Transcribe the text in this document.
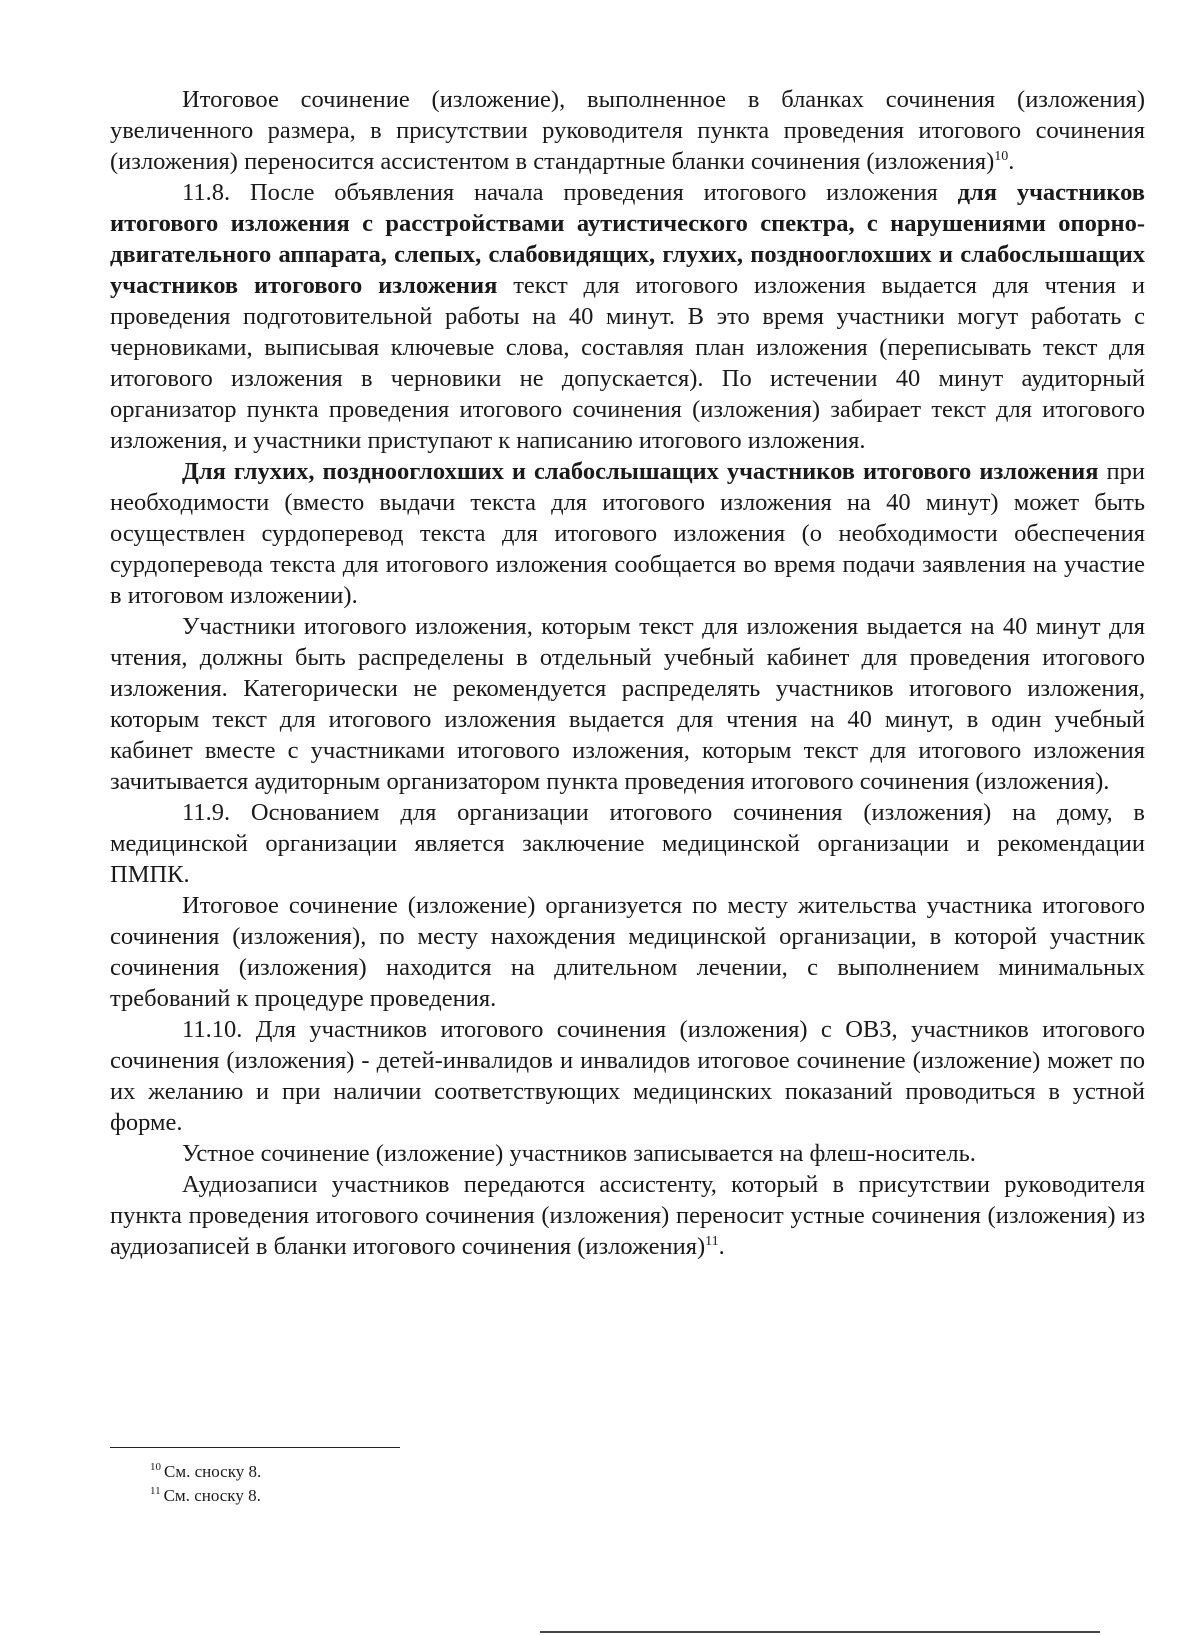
Итоговое сочинение (изложение), выполненное в бланках сочинения (изложения) увеличенного размера, в присутствии руководителя пункта проведения итогового сочинения (изложения) переносится ассистентом в стандартные бланки сочинения (изложения)$^{10}$.

11.8. После объявления начала проведения итогового изложения для участников итогового изложения с расстройствами аутистического спектра, с нарушениями опорно-двигательного аппарата, слепых, слабовидящих, глухих, позднооглохших и слабослышащих участников итогового изложения текст для итогового изложения выдается для чтения и проведения подготовительной работы на 40 минут. В это время участники могут работать с черновиками, выписывая ключевые слова, составляя план изложения (переписывать текст для итогового изложения в черновики не допускается). По истечении 40 минут аудиторный организатор пункта проведения итогового сочинения (изложения) забирает текст для итогового изложения, и участники приступают к написанию итогового изложения.

Для глухих, позднооглохших и слабослышащих участников итогового изложения при необходимости (вместо выдачи текста для итогового изложения на 40 минут) может быть осуществлен сурдоперевод текста для итогового изложения (о необходимости обеспечения сурдоперевода текста для итогового изложения сообщается во время подачи заявления на участие в итоговом изложении).

Участники итогового изложения, которым текст для изложения выдается на 40 минут для чтения, должны быть распределены в отдельный учебный кабинет для проведения итогового изложения. Категорически не рекомендуется распределять участников итогового изложения, которым текст для итогового изложения выдается для чтения на 40 минут, в один учебный кабинет вместе с участниками итогового изложения, которым текст для итогового изложения зачитывается аудиторным организатором пункта проведения итогового сочинения (изложения).

11.9. Основанием для организации итогового сочинения (изложения) на дому, в медицинской организации является заключение медицинской организации и рекомендации ПМПК.

Итоговое сочинение (изложение) организуется по месту жительства участника итогового сочинения (изложения), по месту нахождения медицинской организации, в которой участник сочинения (изложения) находится на длительном лечении, с выполнением минимальных требований к процедуре проведения.

11.10. Для участников итогового сочинения (изложения) с ОВЗ, участников итогового сочинения (изложения) - детей-инвалидов и инвалидов итоговое сочинение (изложение) может по их желанию и при наличии соответствующих медицинских показаний проводиться в устной форме.

Устное сочинение (изложение) участников записывается на флеш-носитель.

Аудиозаписи участников передаются ассистенту, который в присутствии руководителя пункта проведения итогового сочинения (изложения) переносит устные сочинения (изложения) из аудиозаписей в бланки итогового сочинения (изложения)$^{11}$.

$^{10}$ См. сноску 8.

$^{11}$ См. сноску 8.
